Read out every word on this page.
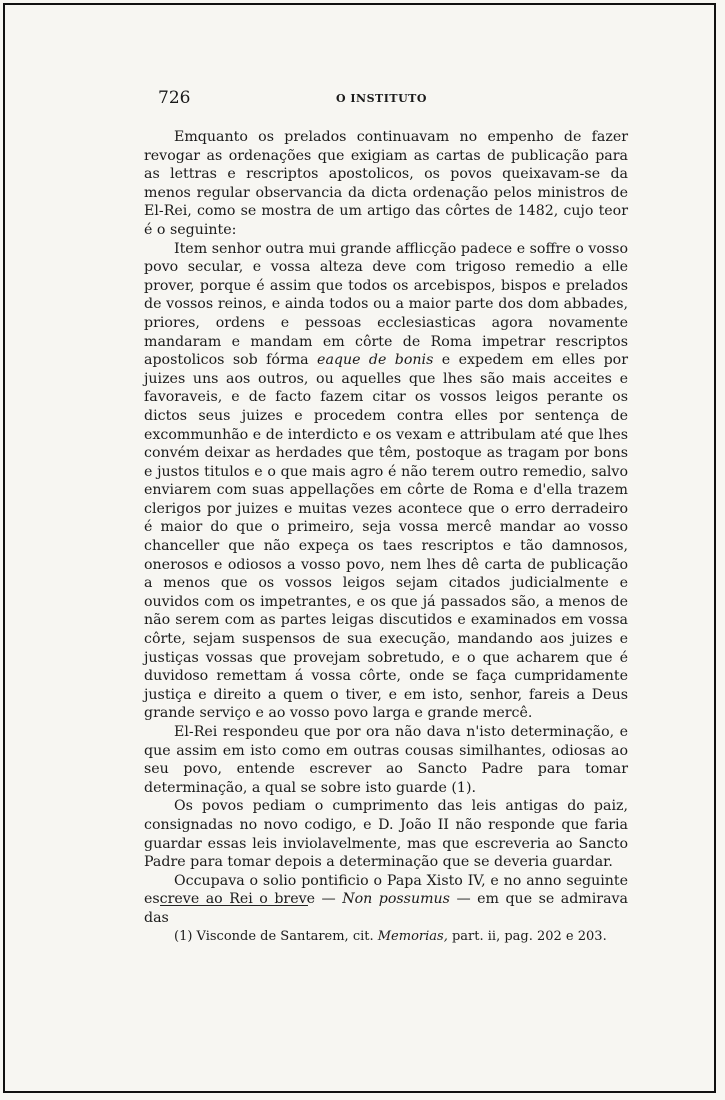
726	O INSTITUTO

Emquanto os prelados continuavam no empenho de fazer revogar as ordenações que exigiam as cartas de publicação para as lettras e rescriptos apostolicos, os povos queixavam-se da menos regular observancia da dicta ordenação pelos ministros de El-Rei, como se mostra de um artigo das côrtes de 1482, cujo teor é o seguinte:

Item senhor outra mui grande afflicção padece e soffre o vosso povo secular, e vossa alteza deve com trigoso remedio a elle prover, porque é assim que todos os arcebispos, bispos e prelados de vossos reinos, e ainda todos ou a maior parte dos dom abbades, priores, ordens e pessoas ecclesiasticas agora novamente mandaram e mandam em côrte de Roma impetrar rescriptos apostolicos sob fórma eaque de bonis e expedem em elles por juizes uns aos outros, ou aquelles que lhes são mais acceites e favoraveis, e de facto fazem citar os vossos leigos perante os dictos seus juizes e procedem contra elles por sentença de excommunhão e de interdicto e os vexam e attribulam até que lhes convém deixar as herdades que têm, postoque as tragam por bons e justos titulos e o que mais agro é não terem outro remedio, salvo enviarem com suas appellações em côrte de Roma e d'ella trazem clerigos por juizes e muitas vezes acontece que o erro derradeiro é maior do que o primeiro, seja vossa mercê mandar ao vosso chanceller que não expeça os taes rescriptos e tão damnosos, onerosos e odiosos a vosso povo, nem lhes dê carta de publicação a menos que os vossos leigos sejam citados judicialmente e ouvidos com os impetrantes, e os que já passados são, a menos de não serem com as partes leigas discutidos e examinados em vossa côrte, sejam suspensos de sua execução, mandando aos juizes e justiças vossas que provejam sobretudo, e o que acharem que é duvidoso remettam á vossa côrte, onde se faça cumpridamente justiça e direito a quem o tiver, e em isto, senhor, fareis a Deus grande serviço e ao vosso povo larga e grande mercê.

El-Rei respondeu que por ora não dava n'isto determinação, e que assim em isto como em outras cousas similhantes, odiosas ao seu povo, entende escrever ao Sancto Padre para tomar determinação, a qual se sobre isto guarde (1).

Os povos pediam o cumprimento das leis antigas do paiz, consignadas no novo codigo, e D. João II não responde que faria guardar essas leis inviolavelmente, mas que escreveria ao Sancto Padre para tomar depois a determinação que se deveria guardar.

Occupava o solio pontificio o Papa Xisto IV, e no anno seguinte escreve ao Rei o breve — Non possumus — em que se admirava das

(1) Visconde de Santarem, cit. Memorias, part. ii, pag. 202 e 203.
